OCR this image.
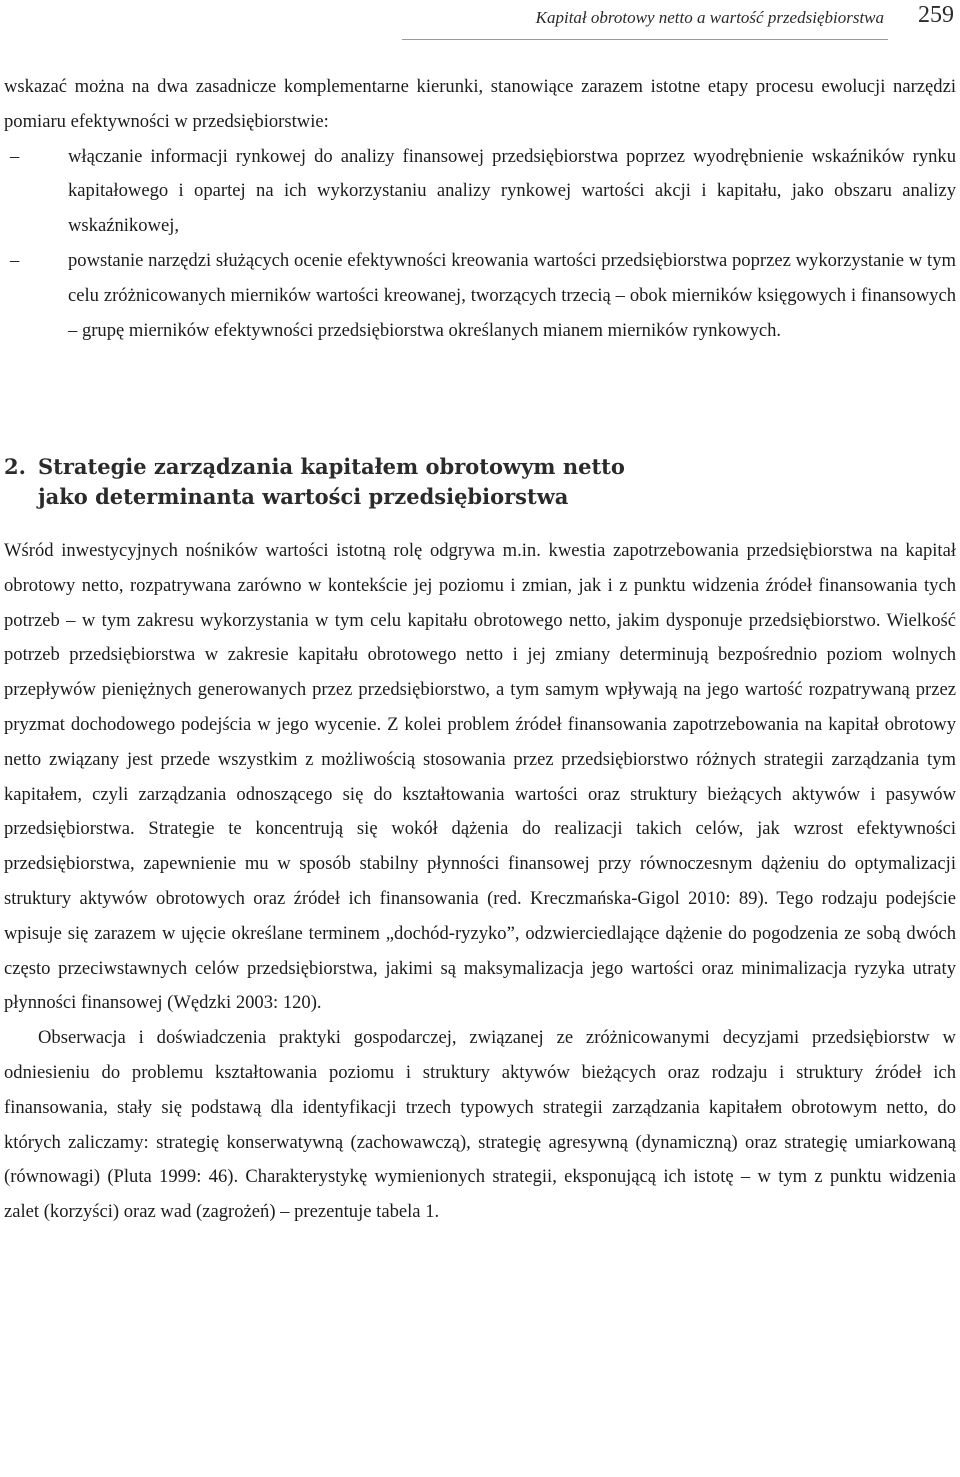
Kapitał obrotowy netto a wartość przedsiębiorstwa 259

wskazać można na dwa zasadnicze komplementarne kierunki, stanowiące zarazem istotne etapy procesu ewolucji narzędzi pomiaru efektywności w przedsiębiorstwie:

–	włączanie informacji rynkowej do analizy finansowej przedsiębiorstwa poprzez wyodrębnienie wskaźników rynku kapitałowego i opartej na ich wykorzystaniu analizy rynkowej wartości akcji i kapitału, jako obszaru analizy wskaźnikowej,
–	powstanie narzędzi służących ocenie efektywności kreowania wartości przedsiębiorstwa poprzez wykorzystanie w tym celu zróżnicowanych mierników wartości kreowanej, tworzących trzecią – obok mierników księgowych i finansowych – grupę mierników efektywności przedsiębiorstwa określanych mianem mierników rynkowych.
2. Strategie zarządzania kapitałem obrotowym netto
jako determinanta wartości przedsiębiorstwa

Wśród inwestycyjnych nośników wartości istotną rolę odgrywa m.in. kwestia zapotrzebowania przedsiębiorstwa na kapitał obrotowy netto, rozpatrywana zarówno w kontekście jej poziomu i zmian, jak i z punktu widzenia źródeł finansowania tych potrzeb – w tym zakresu wykorzystania w tym celu kapitału obrotowego netto, jakim dysponuje przedsiębiorstwo. Wielkość potrzeb przedsiębiorstwa w zakresie kapitału obrotowego netto i jej zmiany determinują bezpośrednio poziom wolnych przepływów pieniężnych generowanych przez przedsiębiorstwo, a tym samym wpływają na jego wartość rozpatrywaną przez pryzmat dochodowego podejścia w jego wycenie. Z kolei problem źródeł finansowania zapotrzebowania na kapitał obrotowy netto związany jest przede wszystkim z możliwością stosowania przez przedsiębiorstwo różnych strategii zarządzania tym kapitałem, czyli zarządzania odnoszącego się do kształtowania wartości oraz struktury bieżących aktywów i pasywów przedsiębiorstwa. Strategie te koncentrują się wokół dążenia do realizacji takich celów, jak wzrost efektywności przedsiębiorstwa, zapewnienie mu w sposób stabilny płynności finansowej przy równoczesnym dążeniu do optymalizacji struktury aktywów obrotowych oraz źródeł ich finansowania (red. Kreczmańska-Gigol 2010: 89). Tego rodzaju podejście wpisuje się zarazem w ujęcie określane terminem „dochód-ryzyko”, odzwierciedlające dążenie do pogodzenia ze sobą dwóch często przeciwstawnych celów przedsiębiorstwa, jakimi są maksymalizacja jego wartości oraz minimalizacja ryzyka utraty płynności finansowej (Wędzki 2003: 120).

Obserwacja i doświadczenia praktyki gospodarczej, związanej ze zróżnicowanymi decyzjami przedsiębiorstw w odniesieniu do problemu kształtowania poziomu i struktury aktywów bieżących oraz rodzaju i struktury źródeł ich finansowania, stały się podstawą dla identyfikacji trzech typowych strategii zarządzania kapitałem obrotowym netto, do których zaliczamy: strategię konserwatywną (zachowawczą), strategię agresywną (dynamiczną) oraz strategię umiarkowaną (równowagi) (Pluta 1999: 46). Charakterystykę wymienionych strategii, eksponującą ich istotę – w tym z punktu widzenia zalet (korzyści) oraz wad (zagrożeń) – prezentuje tabela 1.
